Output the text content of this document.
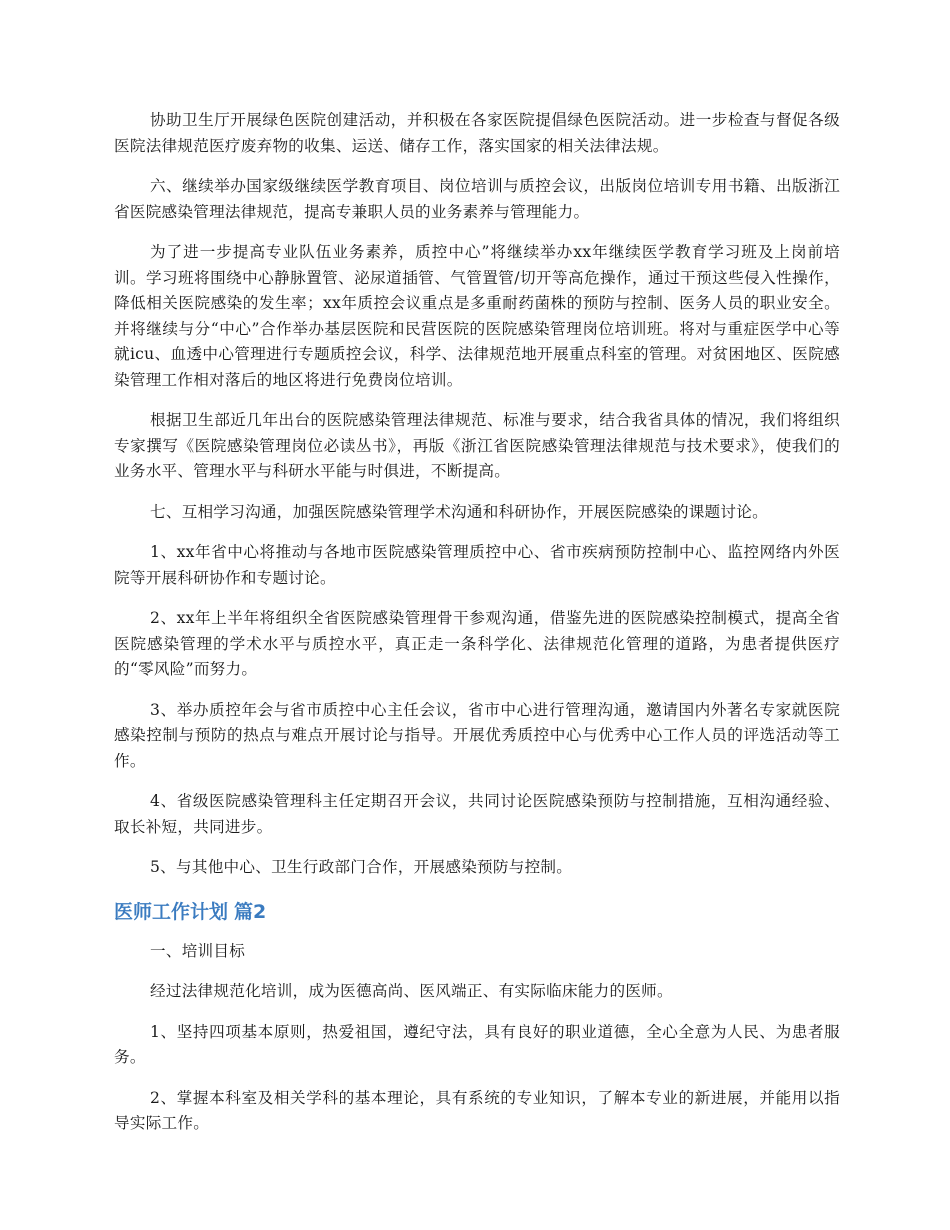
协助卫生厅开展绿色医院创建活动，并积极在各家医院提倡绿色医院活动。进一步检查与督促各级医院法律规范医疗废弃物的收集、运送、储存工作，落实国家的相关法律法规。

六、继续举办国家级继续医学教育项目、岗位培训与质控会议，出版岗位培训专用书籍、出版浙江省医院感染管理法律规范，提高专兼职人员的业务素养与管理能力。

为了进一步提高专业队伍业务素养，质控中心”将继续举办xx年继续医学教育学习班及上岗前培训。学习班将围绕中心静脉置管、泌尿道插管、气管置管/切开等高危操作，通过干预这些侵入性操作，降低相关医院感染的发生率；xx年质控会议重点是多重耐药菌株的预防与控制、医务人员的职业安全。并将继续与分“中心”合作举办基层医院和民营医院的医院感染管理岗位培训班。将对与重症医学中心等就icu、血透中心管理进行专题质控会议，科学、法律规范地开展重点科室的管理。对贫困地区、医院感染管理工作相对落后的地区将进行免费岗位培训。

根据卫生部近几年出台的医院感染管理法律规范、标准与要求，结合我省具体的情况，我们将组织专家撰写《医院感染管理岗位必读丛书》，再版《浙江省医院感染管理法律规范与技术要求》，使我们的业务水平、管理水平与科研水平能与时俱进，不断提高。

七、互相学习沟通，加强医院感染管理学术沟通和科研协作，开展医院感染的课题讨论。

1、xx年省中心将推动与各地市医院感染管理质控中心、省市疾病预防控制中心、监控网络内外医院等开展科研协作和专题讨论。

2、xx年上半年将组织全省医院感染管理骨干参观沟通，借鉴先进的医院感染控制模式，提高全省医院感染管理的学术水平与质控水平，真正走一条科学化、法律规范化管理的道路，为患者提供医疗的“零风险”而努力。

3、举办质控年会与省市质控中心主任会议，省市中心进行管理沟通，邀请国内外著名专家就医院感染控制与预防的热点与难点开展讨论与指导。开展优秀质控中心与优秀中心工作人员的评选活动等工作。

4、省级医院感染管理科主任定期召开会议，共同讨论医院感染预防与控制措施，互相沟通经验、取长补短，共同进步。

5、与其他中心、卫生行政部门合作，开展感染预防与控制。

医师工作计划 篇2

一、培训目标

经过法律规范化培训，成为医德高尚、医风端正、有实际临床能力的医师。

1、坚持四项基本原则，热爱祖国，遵纪守法，具有良好的职业道德，全心全意为人民、为患者服务。

2、掌握本科室及相关学科的基本理论，具有系统的专业知识，了解本专业的新进展，并能用以指导实际工作。
